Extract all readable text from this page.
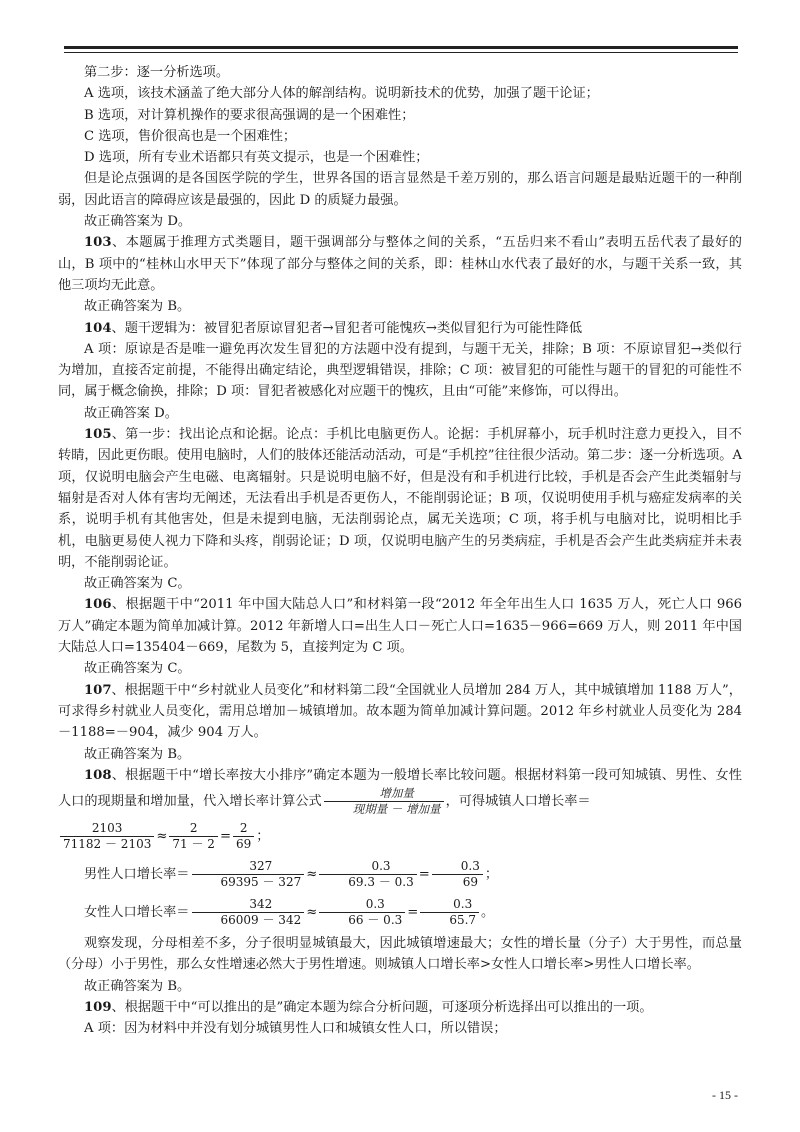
第二步：逐一分析选项。

A 选项，该技术涵盖了绝大部分人体的解剖结构。说明新技术的优势，加强了题干论证；

B 选项，对计算机操作的要求很高强调的是一个困难性；

C 选项，售价很高也是一个困难性；

D 选项，所有专业术语都只有英文提示，也是一个困难性；

但是论点强调的是各国医学院的学生，世界各国的语言显然是千差万别的，那么语言问题是最贴近题干的一种削弱，因此语言的障碍应该是最强的，因此 D 的质疑力最强。

故正确答案为 D。

103、本题属于推理方式类题目，题干强调部分与整体之间的关系，“五岳归来不看山”表明五岳代表了最好的山，B 项中的“桂林山水甲天下”体现了部分与整体之间的关系，即：桂林山水代表了最好的水，与题干关系一致，其他三项均无此意。

故正确答案为 B。

104、题干逻辑为：被冒犯者原谅冒犯者→冒犯者可能愧疚→类似冒犯行为可能性降低

A 项：原谅是否是唯一避免再次发生冒犯的方法题中没有提到，与题干无关，排除；B 项：不原谅冒犯→类似行为增加，直接否定前提，不能得出确定结论，典型逻辑错误，排除；C 项：被冒犯的可能性与题干的冒犯的可能性不同，属于概念偷换，排除；D 项：冒犯者被感化对应题干的愧疚，且由“可能”来修饰，可以得出。

故正确答案 D。

105、第一步：找出论点和论据。论点：手机比电脑更伤人。论据：手机屏幕小，玩手机时注意力更投入，目不转睛，因此更伤眼。使用电脑时，人们的肢体还能活动活动，可是“手机控”往往很少活动。第二步：逐一分析选项。A 项，仅说明电脑会产生电磁、电离辐射。只是说明电脑不好，但是没有和手机进行比较，手机是否会产生此类辐射与辐射是否对人体有害均无阐述，无法看出手机是否更伤人，不能削弱论证；B 项，仅说明使用手机与癌症发病率的关系，说明手机有其他害处，但是未提到电脑，无法削弱论点，属无关选项；C 项，将手机与电脑对比，说明相比手机，电脑更易使人视力下降和头疼，削弱论证；D 项，仅说明电脑产生的另类病症，手机是否会产生此类病症并未表明，不能削弱论证。

故正确答案为 C。

106、根据题干中“2011 年中国大陆总人口”和材料第一段“2012 年全年出生人口 1635 万人，死亡人口 966 万人”确定本题为简单加减计算。2012 年新增人口=出生人口－死亡人口=1635－966=669 万人，则 2011 年中国大陆总人口=135404－669，尾数为 5，直接判定为 C 项。

故正确答案为 C。

107、根据题干中“乡村就业人员变化”和材料第二段“全国就业人员增加 284 万人，其中城镇增加 1188 万人”，可求得乡村就业人员变化，需用总增加－城镇增加。故本题为简单加减计算问题。2012 年乡村就业人员变化为 284－1188=－904，减少 904 万人。

故正确答案为 B。

108、根据题干中“增长率按大小排序”确定本题为一般增长率比较问题。根据材料第一段可知城镇、男性、女性人口的现期量和增加量，代入增长率计算公式 $\frac{\text{增加量}}{\text{现期量 － 增加量}}$ ，可得城镇人口增长率＝

$\frac{2103}{71182 - 2103} \approx \frac{2}{71 - 2} = \frac{2}{69}$ ；

男性人口增长率＝ $\frac{327}{69395 - 327} \approx \frac{0.3}{69.3 - 0.3} = \frac{0.3}{69}$ ；

女性人口增长率＝ $\frac{342}{66009 - 342} \approx \frac{0.3}{66 - 0.3} = \frac{0.3}{65.7}$ 。

观察发现，分母相差不多，分子很明显城镇最大，因此城镇增速最大；女性的增长量（分子）大于男性，而总量（分母）小于男性，那么女性增速必然大于男性增速。则城镇人口增长率>女性人口增长率>男性人口增长率。

故正确答案为 B。

109、根据题干中“可以推出的是”确定本题为综合分析问题，可逐项分析选择出可以推出的一项。

A 项：因为材料中并没有划分城镇男性人口和城镇女性人口，所以错误；

- 15 -
